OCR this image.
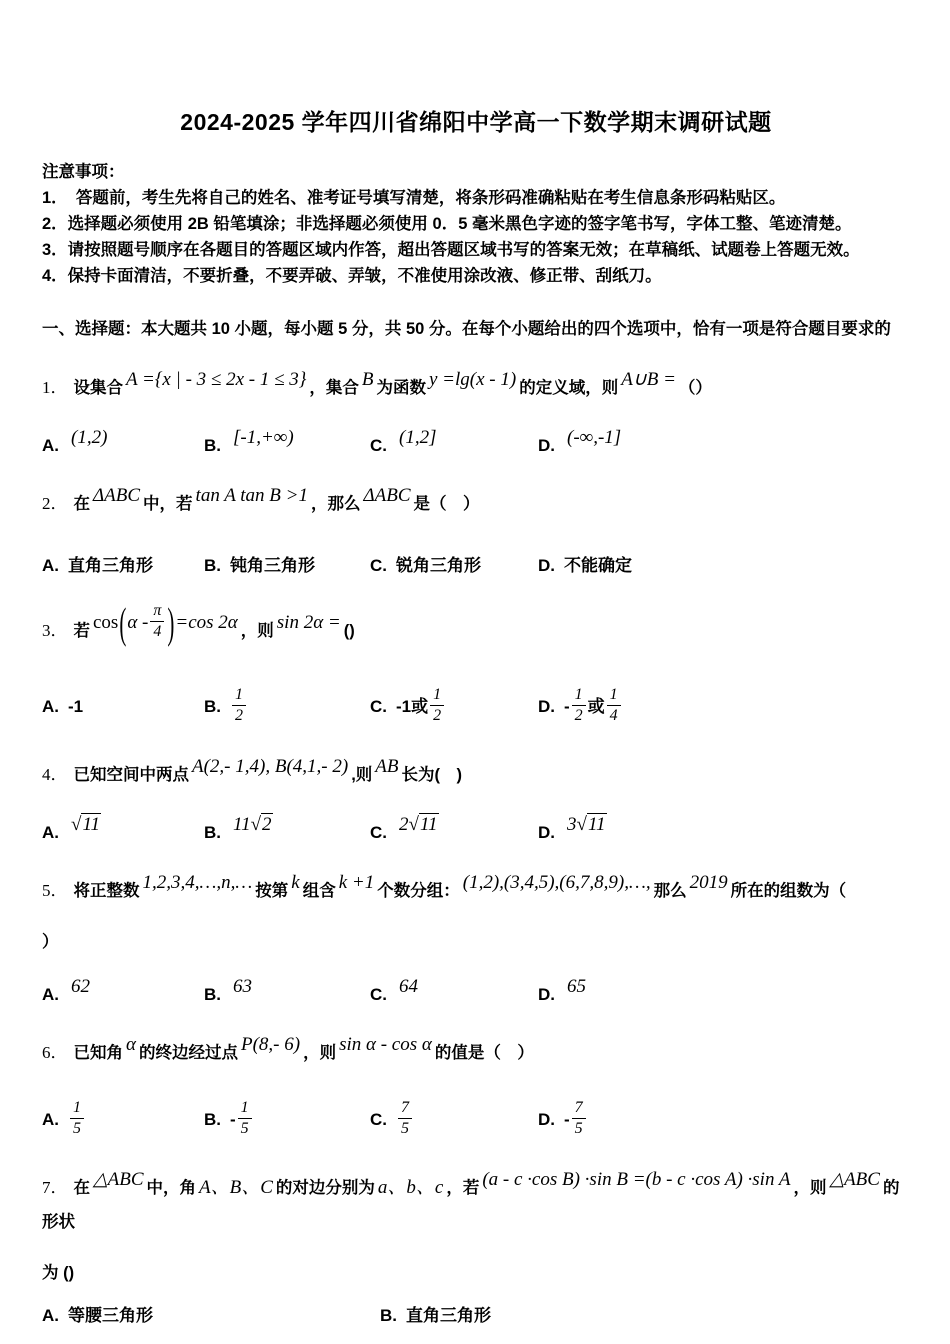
2024-2025 学年四川省绵阳中学高一下数学期末调研试题
注意事项：
1．　答题前，考生先将自己的姓名、准考证号填写清楚，将条形码准确粘贴在考生信息条形码粘贴区。
2．选择题必须使用 2B 铅笔填涂；非选择题必须使用 0．5 毫米黑色字迹的签字笔书写，字体工整、笔迹清楚。
3．请按照题号顺序在各题目的答题区域内作答，超出答题区域书写的答案无效；在草稿纸、试题卷上答题无效。
4．保持卡面清洁，不要折叠，不要弄破、弄皱，不准使用涂改液、修正带、刮纸刀。
一、选择题：本大题共 10 小题，每小题 5 分，共 50 分。在每个小题给出的四个选项中，恰有一项是符合题目要求的
1． 设集合 A ={x | - 3 ≤ 2x - 1 ≤ 3} ，集合 B 为函数 y =lg(x - 1) 的定义域，则 A∪B = （）
A. (1,2)	B. [-1,+∞)	C. (1,2]	D. (-∞,-1]
2． 在 ΔABC 中，若 tan A tan B >1 ，那么 ΔABC 是（　）
A. 直角三角形	B. 钝角三角形	C. 锐角三角形	D. 不能确定
3． 若 $\cos(\alpha - \frac{\pi}{4} )=\cos$ 2α ，则 sin 2α = ()
A. -1	B. $\frac{1}{2}$	C. -1或 $\frac{1}{2}$	D. - $\frac{1}{2}$ 或 $\frac{1}{4}$
4． 已知空间中两点 A(2,- 1,4), B(4,1,- 2) ,则 AB 长为(　)
A. √11	B. 11√2	C. 2√11	D. 3√11
5． 将正整数 1,2,3,4,…,n,… 按第 k 组含 k +1 个数分组： (1,2),(3,4,5),(6,7,8,9),…, 那么 2019 所在的组数为（
）
A. 62	B. 63	C. 64	D. 65
6． 已知角 α 的终边经过点 P(8,- 6) ，则 sin α - cos α 的值是（　）
A. $\frac{1}{5}$	B. - $\frac{1}{5}$	C. $\frac{7}{5}$	D. - $\frac{7}{5}$
7． 在 △ABC 中，角 A、B、C 的对边分别为 a、b、c ，若 (a - c ·cos B) ·sin B =(b - c ·cos A) ·sin A ，则 △ABC 的形状
为 ()
A. 等腰三角形	B. 直角三角形
